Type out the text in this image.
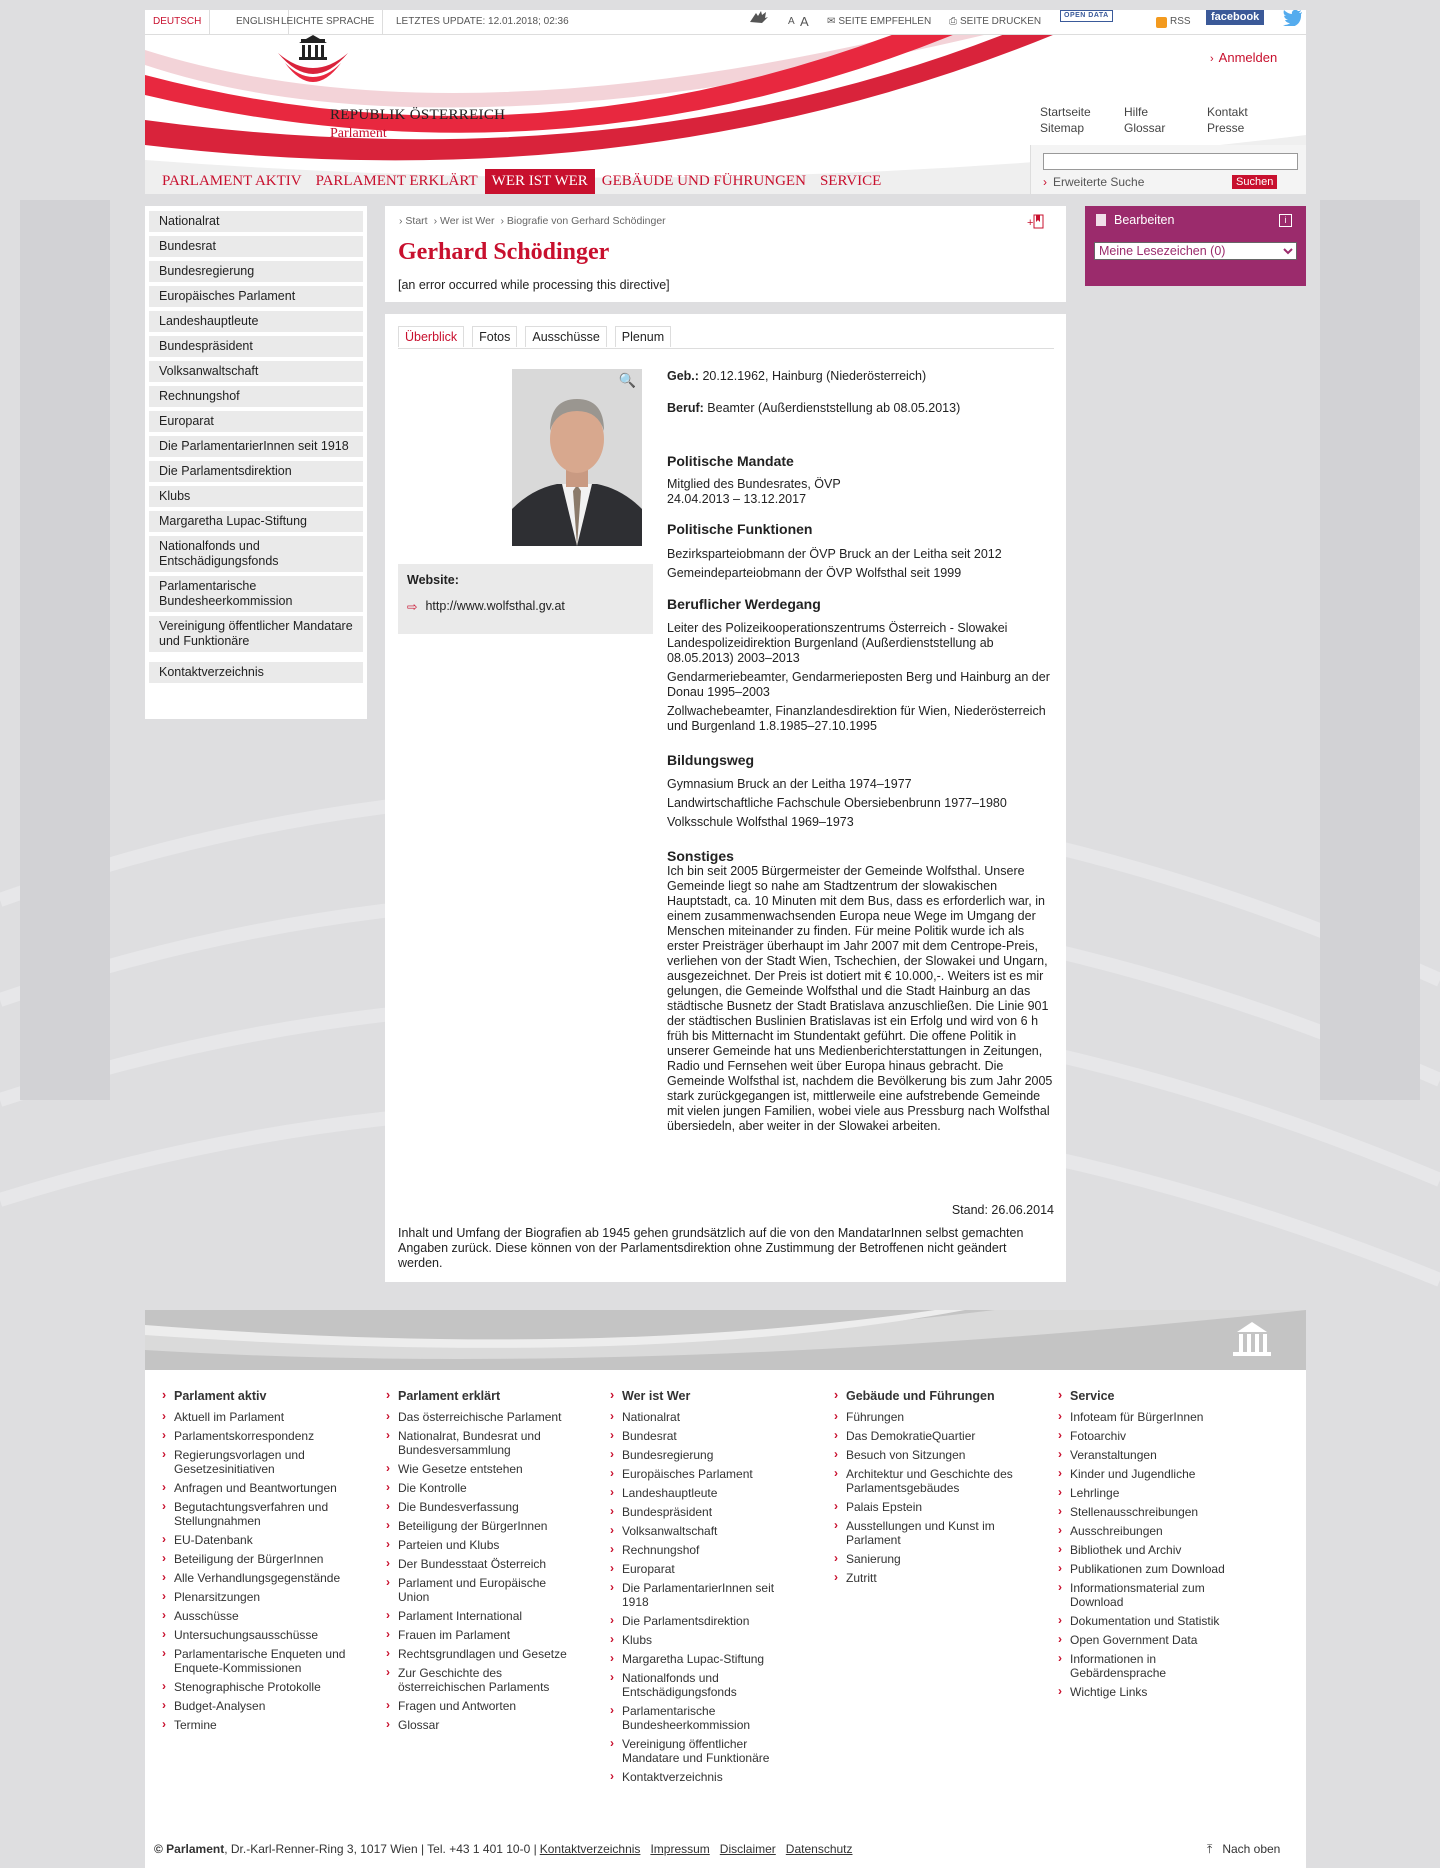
DEUTSCH	ENGLISH LEICHTE SPRACHE	LETZTES UPDATE: 12.01.2018; 02:36	A A ✉ SEITE EMPFEHLEN ⎙ SEITE DRUCKEN
OPEN DATA
RSS	facebook
REPUBLIK ÖSTERREICH
Parlament
› Anmelden
Startseite	Hilfe	Kontakt
Sitemap	Glossar	Presse
› Erweiterte Suche	Suchen
PARLAMENT AKTIV PARLAMENT ERKLÄRT WER IST WER GEBÄUDE UND FÜHRUNGEN SERVICE
Nationalrat
Bundesrat
Bundesregierung
Europäisches Parlament
Landeshauptleute
Bundespräsident
Volksanwaltschaft
Rechnungshof
Europarat
Die ParlamentarierInnen seit 1918
Die Parlamentsdirektion
Klubs
Margaretha Lupac-Stiftung
Nationalfonds und Entschädigungsfonds
Parlamentarische Bundesheerkommission
Vereinigung öffentlicher Mandatare und Funktionäre
Kontaktverzeichnis
› Start › Wer ist Wer › Biografie von Gerhard Schödinger	+
Gerhard Schödinger
[an error occurred while processing this directive]
Überblick	Fotos	Ausschüsse	Plenum
🔍
Website:
⇨ http://www.wolfsthal.gv.at

Geb.: 20.12.1962, Hainburg (Niederösterreich)

Beruf: Beamter (Außerdienststellung ab 08.05.2013)

Politische Mandate

Mitglied des Bundesrates, ÖVP

24.04.2013 – 13.12.2017

Politische Funktionen

Bezirksparteiobmann der ÖVP Bruck an der Leitha seit 2012

Gemeindeparteiobmann der ÖVP Wolfsthal seit 1999

Beruflicher Werdegang

Leiter des Polizeikooperationszentrums Österreich - Slowakei Landespolizeidirektion Burgenland (Außerdienststellung ab 08.05.2013) 2003–2013

Gendarmeriebeamter, Gendarmerieposten Berg und Hainburg an der Donau 1995–2003

Zollwachebeamter, Finanzlandesdirektion für Wien, Niederösterreich und Burgenland 1.8.1985–27.10.1995

Bildungsweg

Gymnasium Bruck an der Leitha 1974–1977

Landwirtschaftliche Fachschule Obersiebenbrunn 1977–1980

Volksschule Wolfsthal 1969–1973

Sonstiges

Ich bin seit 2005 Bürgermeister der Gemeinde Wolfsthal. Unsere Gemeinde liegt so nahe am Stadtzentrum der slowakischen Hauptstadt, ca. 10 Minuten mit dem Bus, dass es erforderlich war, in einem zusammenwachsenden Europa neue Wege im Umgang der Menschen miteinander zu finden. Für meine Politik wurde ich als erster Preisträger überhaupt im Jahr 2007 mit dem Centrope-Preis, verliehen von der Stadt Wien, Tschechien, der Slowakei und Ungarn, ausgezeichnet. Der Preis ist dotiert mit € 10.000,-. Weiters ist es mir gelungen, die Gemeinde Wolfsthal und die Stadt Hainburg an das städtische Busnetz der Stadt Bratislava anzuschließen. Die Linie 901 der städtischen Buslinien Bratislavas ist ein Erfolg und wird von 6 h früh bis Mitternacht im Stundentakt geführt. Die offene Politik in unserer Gemeinde hat uns Medienberichterstattungen in Zeitungen, Radio und Fernsehen weit über Europa hinaus gebracht. Die Gemeinde Wolfsthal ist, nachdem die Bevölkerung bis zum Jahr 2005 stark zurückgegangen ist, mittlerweile eine aufstrebende Gemeinde mit vielen jungen Familien, wobei viele aus Pressburg nach Wolfsthal übersiedeln, aber weiter in der Slowakei arbeiten.

Stand: 26.06.2014
Inhalt und Umfang der Biografien ab 1945 gehen grundsätzlich auf die von den MandatarInnen selbst gemachten Angaben zurück. Diese können von der Parlamentsdirektion ohne Zustimmung der Betroffenen nicht geändert werden.
Bearbeiten	i
Meine Lesezeichen (0)
› Parlament aktiv
› Aktuell im Parlament
› Parlamentskorrespondenz
› Regierungsvorlagen und Gesetzesinitiativen
› Anfragen und Beantwortungen
› Begutachtungsverfahren und Stellungnahmen
› EU-Datenbank
› Beteiligung der BürgerInnen
› Alle Verhandlungsgegenstände
› Plenarsitzungen
› Ausschüsse
› Untersuchungsausschüsse
› Parlamentarische Enqueten und Enquete-Kommissionen
› Stenographische Protokolle
› Budget-Analysen
› Termine
› Parlament erklärt
› Das österreichische Parlament
› Nationalrat, Bundesrat und Bundesversammlung
› Wie Gesetze entstehen
› Die Kontrolle
› Die Bundesverfassung
› Beteiligung der BürgerInnen
› Parteien und Klubs
› Der Bundesstaat Österreich
› Parlament und Europäische Union
› Parlament International
› Frauen im Parlament
› Rechtsgrundlagen und Gesetze
› Zur Geschichte des österreichischen Parlaments
› Fragen und Antworten
› Glossar
› Wer ist Wer
› Nationalrat
› Bundesrat
› Bundesregierung
› Europäisches Parlament
› Landeshauptleute
› Bundespräsident
› Volksanwaltschaft
› Rechnungshof
› Europarat
› Die ParlamentarierInnen seit 1918
› Die Parlamentsdirektion
› Klubs
› Margaretha Lupac-Stiftung
› Nationalfonds und Entschädigungsfonds
› Parlamentarische Bundesheerkommission
› Vereinigung öffentlicher Mandatare und Funktionäre
› Kontaktverzeichnis
› Gebäude und Führungen
› Führungen
› Das DemokratieQuartier
› Besuch von Sitzungen
› Architektur und Geschichte des Parlamentsgebäudes
› Palais Epstein
› Ausstellungen und Kunst im Parlament
› Sanierung
› Zutritt
› Service
› Infoteam für BürgerInnen
› Fotoarchiv
› Veranstaltungen
› Kinder und Jugendliche
› Lehrlinge
› Stellenausschreibungen
› Ausschreibungen
› Bibliothek und Archiv
› Publikationen zum Download
› Informationsmaterial zum Download
› Dokumentation und Statistik
› Open Government Data
› Informationen in Gebärdensprache
› Wichtige Links
© Parlament , Dr.-Karl-Renner-Ring 3, 1017 Wien | Tel. +43 1 401 10-0 | Kontaktverzeichnis Impressum Disclaimer Datenschutz	⤒ Nach oben
